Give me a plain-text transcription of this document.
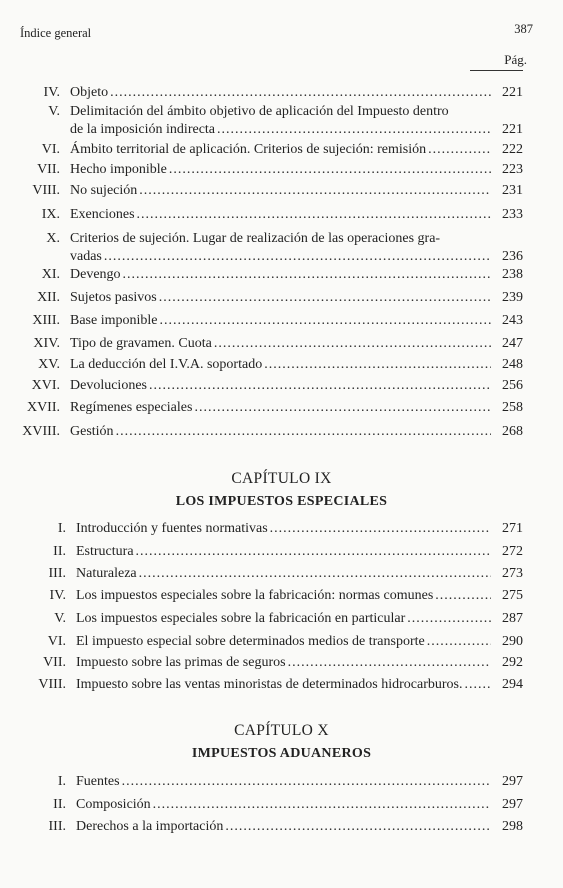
Índice general	387
Pág.
IV. Objeto .....	221
V. Delimitación del ámbito objetivo de aplicación del Impuesto dentro
de la imposición indirecta .....	221
VI. Ámbito territorial de aplicación. Criterios de sujeción: remisión .....	222
VII. Hecho imponible .....	223
VIII. No sujeción .....	231
IX. Exenciones .....	233
X. Criterios de sujeción. Lugar de realización de las operaciones gra-
vadas .....	236
XI. Devengo .....	238
XII. Sujetos pasivos .....	239
XIII. Base imponible .....	243
XIV. Tipo de gravamen. Cuota .....	247
XV. La deducción del I.V.A. soportado .....	248
XVI. Devoluciones .....	256
XVII. Regímenes especiales .....	258
XVIII. Gestión .....	268
I. Introducción y fuentes normativas .....	271
II. Estructura .....	272
III. Naturaleza .....	273
IV. Los impuestos especiales sobre la fabricación: normas comunes .....	275
V. Los impuestos especiales sobre la fabricación en particular .....	287
VI. El impuesto especial sobre determinados medios de transporte .....	290
VII. Impuesto sobre las primas de seguros .....	292
VIII. Impuesto sobre las ventas minoristas de determinados hidrocarburos. .....	294
I. Fuentes .....	297
II. Composición .....	297
III. Derechos a la importación .....	298
CAPÍTULO IX
LOS IMPUESTOS ESPECIALES
CAPÍTULO X
IMPUESTOS ADUANEROS
